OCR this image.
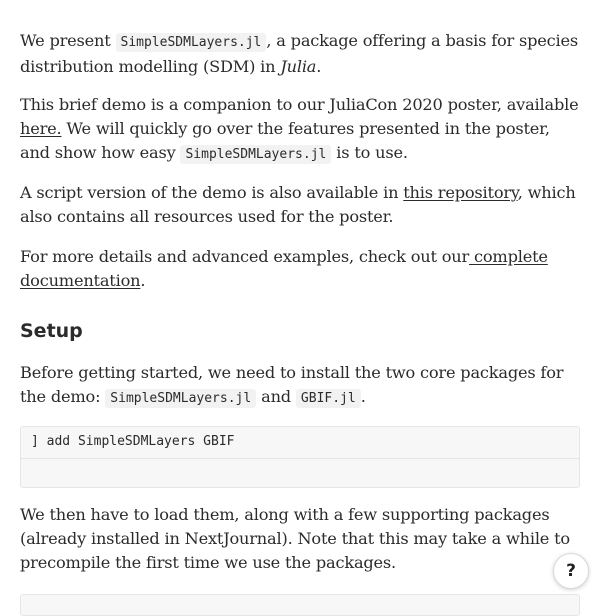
We present SimpleSDMLayers.jl , a package offering a basis for species distribution modelling (SDM) in Julia.

This brief demo is a companion to our JuliaCon 2020 poster, available here. We will quickly go over the features presented in the poster, and show how easy SimpleSDMLayers.jl is to use.

A script version of the demo is also available in this repository, which also contains all resources used for the poster.

For more details and advanced examples, check out our complete documentation.

Setup

Before getting started, we need to install the two core packages for the demo: SimpleSDMLayers.jl and GBIF.jl .

] add SimpleSDMLayers GBIF

We then have to load them, along with a few supporting packages (already installed in NextJournal). Note that this may take a while to precompile the first time we use the packages.	?
